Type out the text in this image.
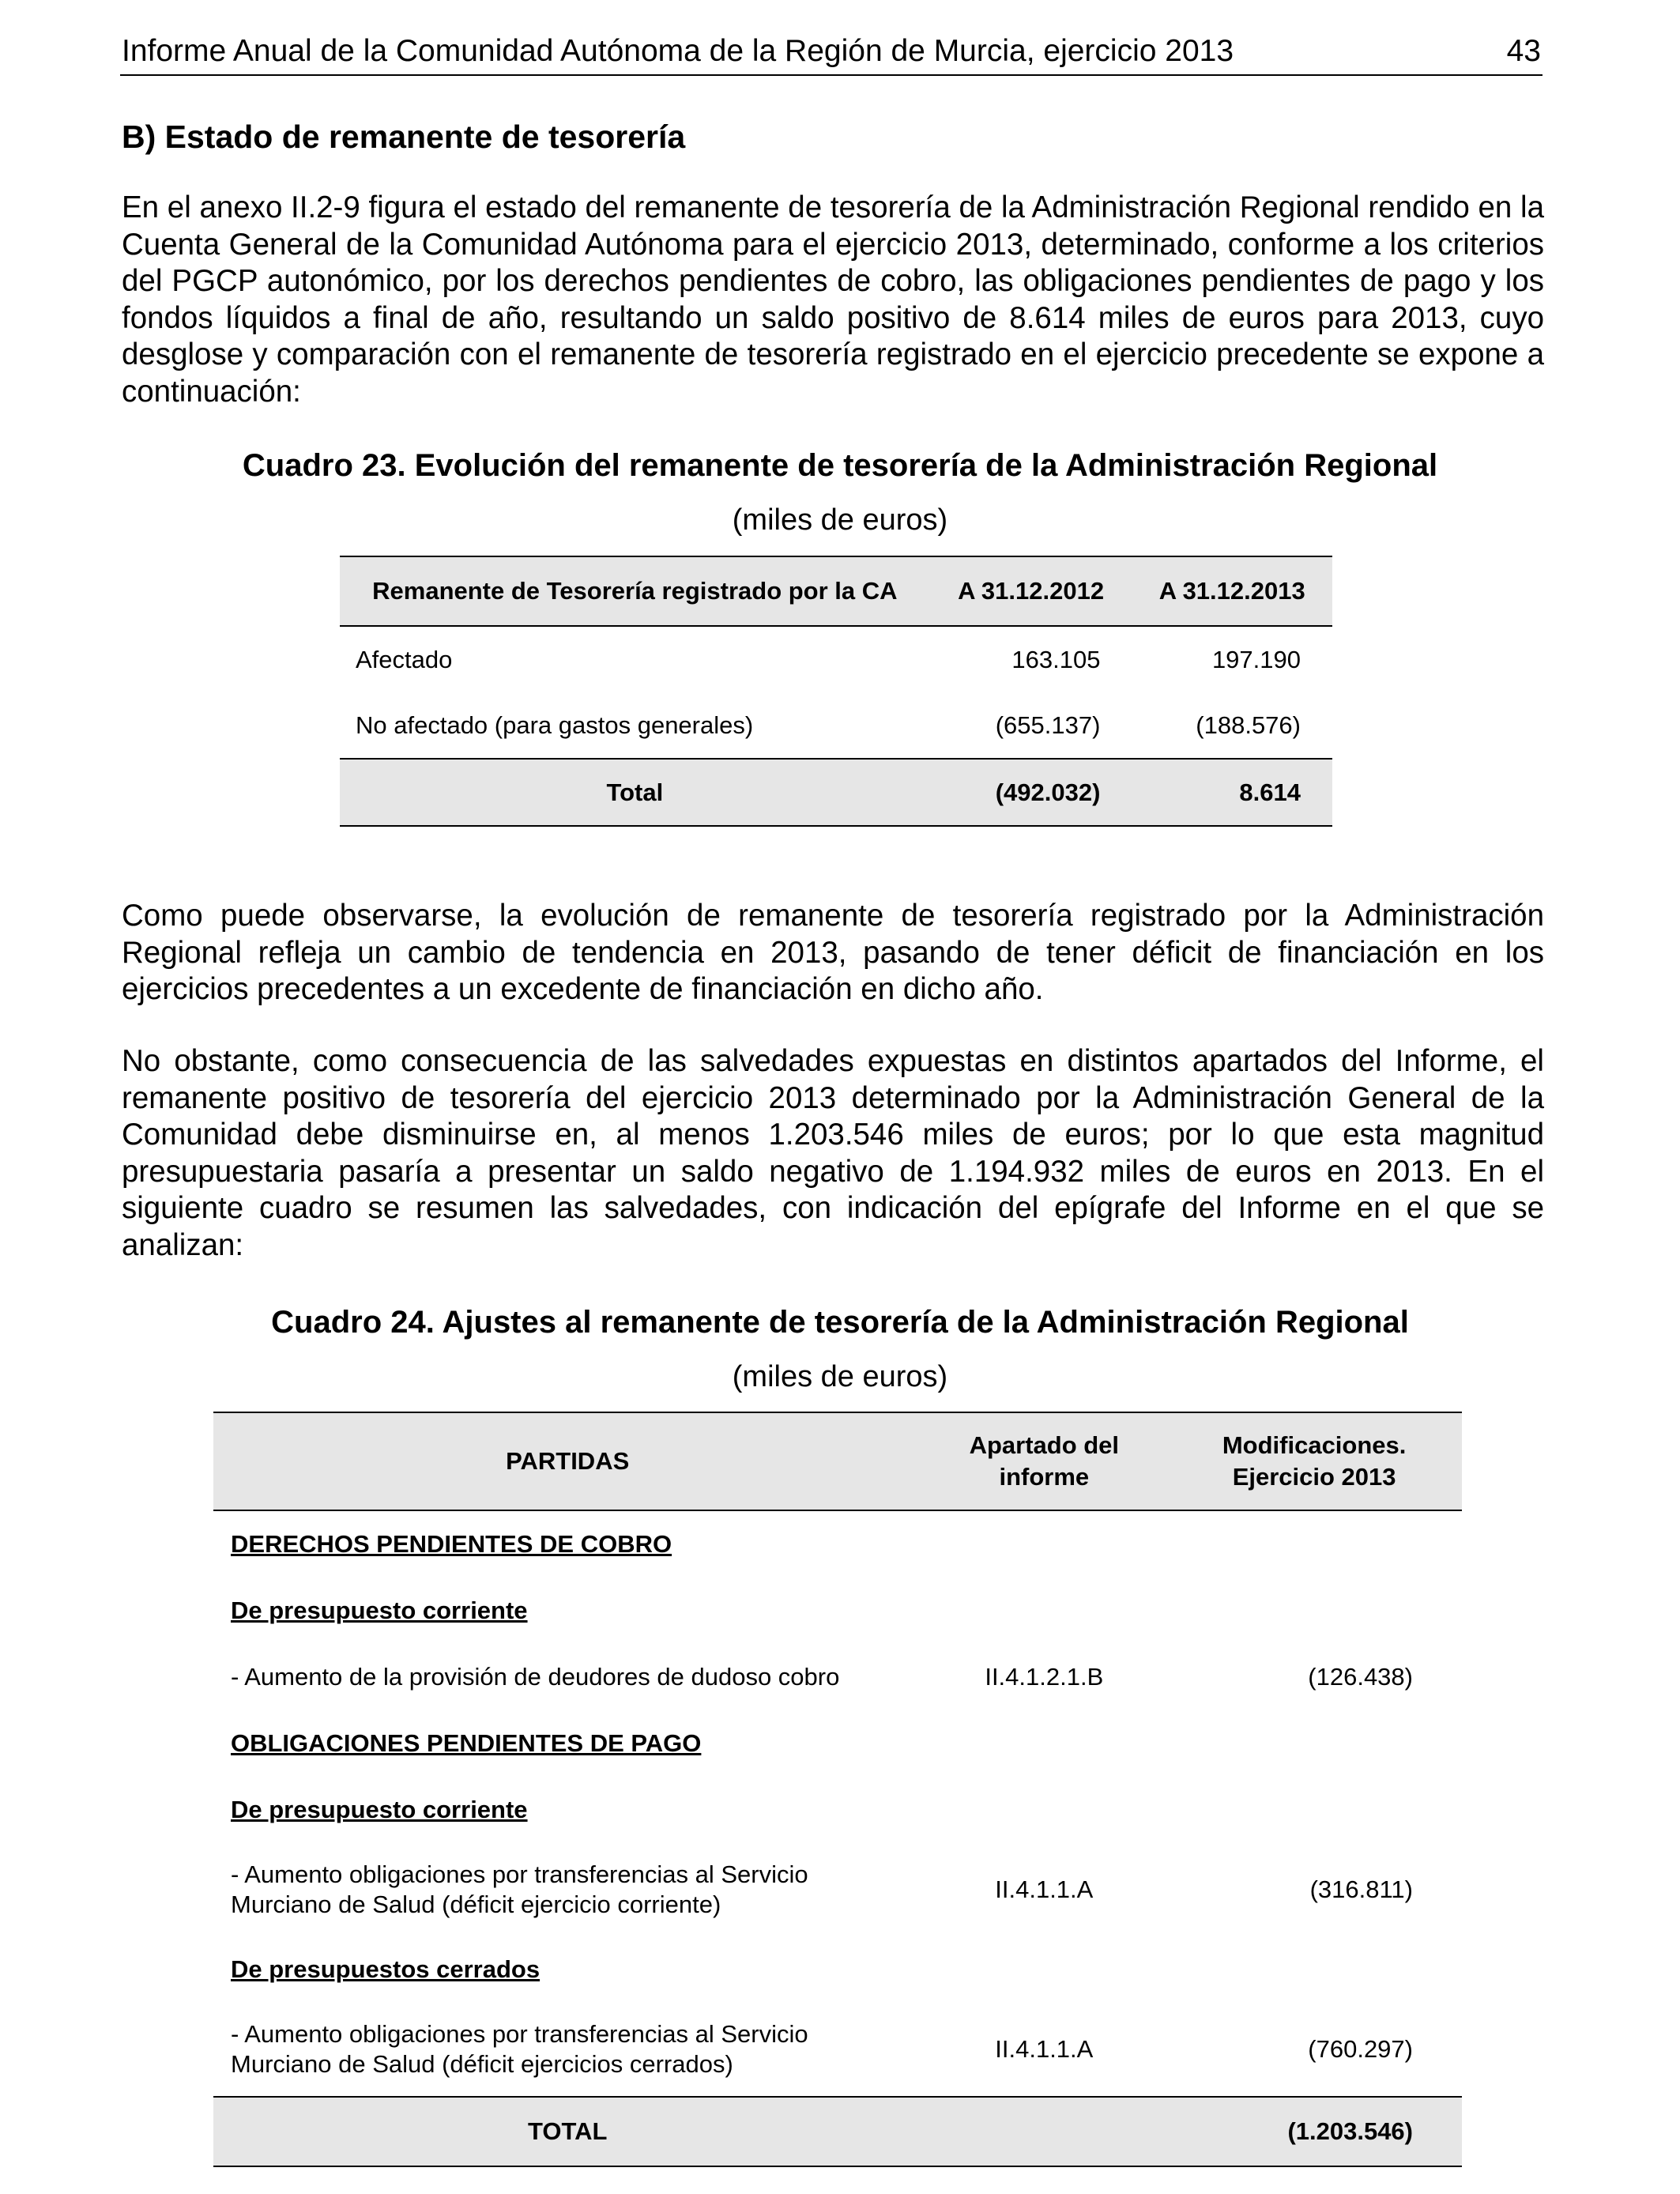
Informe Anual de la Comunidad Autónoma de la Región de Murcia, ejercicio 2013	43
B) Estado de remanente de tesorería

En el anexo II.2-9 figura el estado del remanente de tesorería de la Administración Regional rendido en la Cuenta General de la Comunidad Autónoma para el ejercicio 2013, determinado, conforme a los criterios del PGCP autonómico, por los derechos pendientes de cobro, las obligaciones pendientes de pago y los fondos líquidos a final de año, resultando un saldo positivo de 8.614 miles de euros para 2013, cuyo desglose y comparación con el remanente de tesorería registrado en el ejercicio precedente se expone a continuación:

Cuadro 23. Evolución del remanente de tesorería de la Administración Regional
(miles de euros)
Remanente de Tesorería registrado por la CA	A 31.12.2012	A 31.12.2013
Afectado	163.105	197.190
No afectado (para gastos generales)	(655.137)	(188.576)
Total	(492.032)	8.614

Como puede observarse, la evolución de remanente de tesorería registrado por la Administración Regional refleja un cambio de tendencia en 2013, pasando de tener déficit de financiación en los ejercicios precedentes a un excedente de financiación en dicho año.

No obstante, como consecuencia de las salvedades expuestas en distintos apartados del Informe, el remanente positivo de tesorería del ejercicio 2013 determinado por la Administración General de la Comunidad debe disminuirse en, al menos 1.203.546 miles de euros; por lo que esta magnitud presupuestaria pasaría a presentar un saldo negativo de 1.194.932 miles de euros en 2013. En el siguiente cuadro se resumen las salvedades, con indicación del epígrafe del Informe en el que se analizan:

Cuadro 24. Ajustes al remanente de tesorería de la Administración Regional
(miles de euros)
PARTIDAS	Apartado del informe	Modificaciones. Ejercicio 2013
DERECHOS PENDIENTES DE COBRO		
De presupuesto corriente		
- Aumento de la provisión de deudores de dudoso cobro	II.4.1.2.1.B	(126.438)
OBLIGACIONES PENDIENTES DE PAGO		
De presupuesto corriente		
- Aumento obligaciones por transferencias al Servicio Murciano de Salud (déficit ejercicio corriente)	II.4.1.1.A	(316.811)
De presupuestos cerrados		
- Aumento obligaciones por transferencias al Servicio Murciano de Salud (déficit ejercicios cerrados)	II.4.1.1.A	(760.297)
TOTAL		(1.203.546)
